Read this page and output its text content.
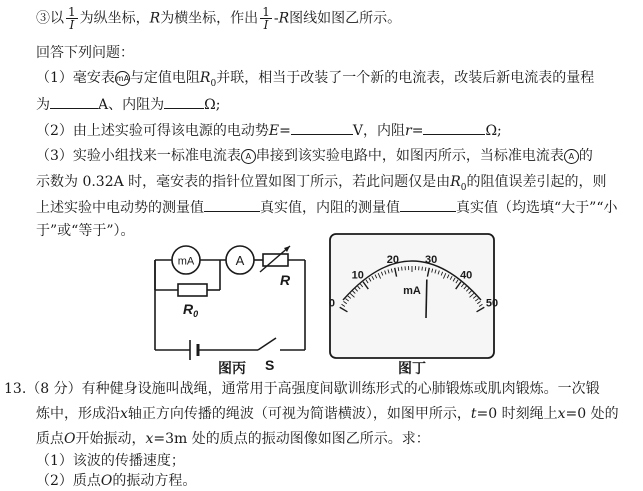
③以 $\frac{1}{I}$ 为纵坐标，R为横坐标，作出 $\frac{1}{I} -R$图线如图乙所示。
回答下列问题：
（1）毫安表mA与定值电阻$R_0$并联，相当于改装了一个新的电流表，改装后新电流表的量程
为	A、内阻为	Ω;
（2）由上述实验可得该电源的电动势E=	V，内阻r=	Ω;
（3）实验小组找来一标准电流表 A 串接到该实验电路中，如图丙所示，当标准电流表 A 的
示数为 0.32A 时，毫安表的指针位置如图丁所示，若此问题仅是由$R_0$的阻值误差引起的，则
上述实验中电动势的测量值	真实值，内阻的测量值	真实值（均选填“大于”“小
于”或“等于”）。
mA	A
R
$R_0$
S
图丙
0
10
20 30
40
50
mA
图丁
13.（8 分）有种健身设施叫战绳，通常用于高强度间歇训练形式的心肺锻炼或肌肉锻炼。一次锻
炼中，形成沿x轴正方向传播的绳波（可视为简谐横波），如图甲所示，t=0 时刻绳上x=0 处的
质点O开始振动，x=3m 处的质点的振动图像如图乙所示。求：
（1）该波的传播速度；
（2）质点O的振动方程。
